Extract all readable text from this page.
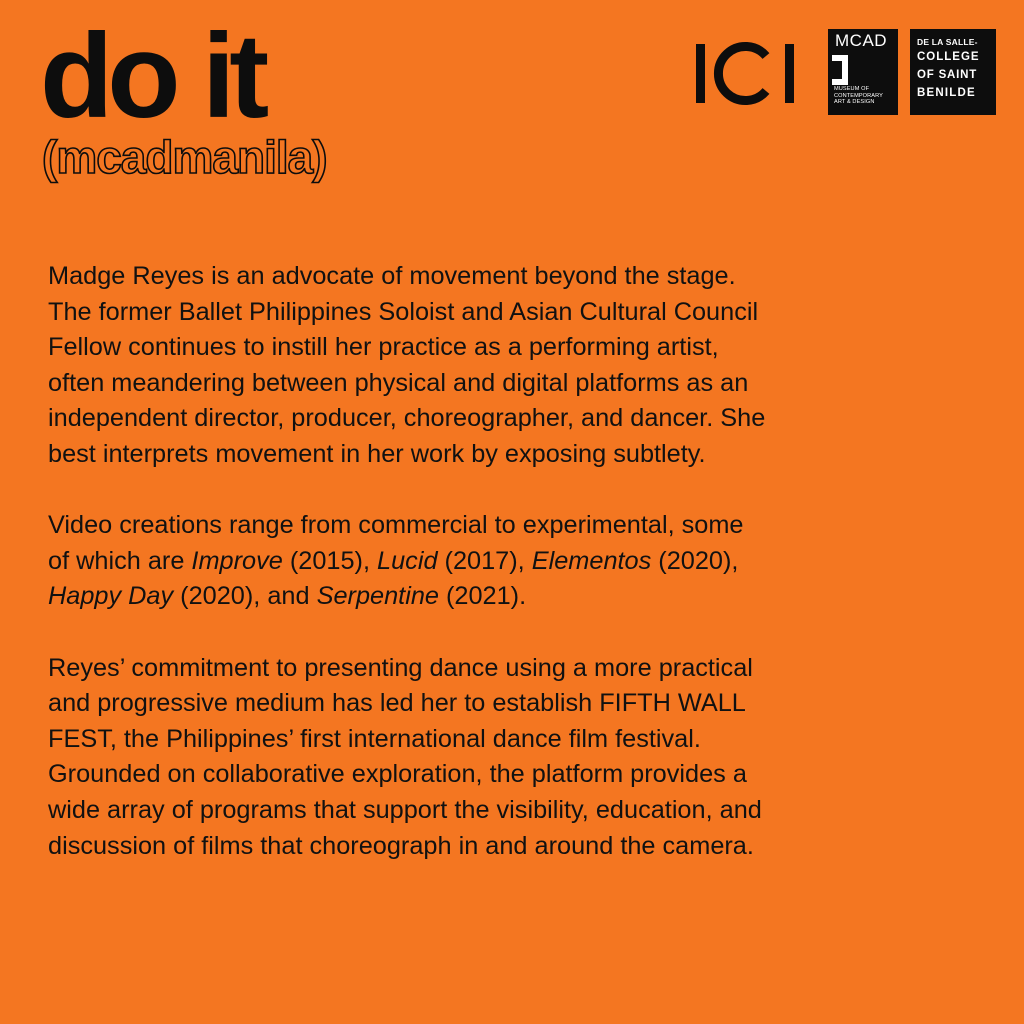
do it
(mcadmanila)
MCAD
MUSEUM OF
CONTEMPORARY
ART & DESIGN
DE LA SALLE-
COLLEGE
OF SAINT
BENILDE

Madge Reyes is an advocate of movement beyond the stage.
The former Ballet Philippines Soloist and Asian Cultural Council
Fellow continues to instill her practice as a performing artist,
often meandering between physical and digital platforms as an
independent director, producer, choreographer, and dancer. She
best interprets movement in her work by exposing subtlety.

Video creations range from commercial to experimental, some
of which are Improve (2015), Lucid (2017), Elementos (2020),
Happy Day (2020), and Serpentine (2021).

Reyes’ commitment to presenting dance using a more practical
and progressive medium has led her to establish FIFTH WALL
FEST, the Philippines’ first international dance film festival.
Grounded on collaborative exploration, the platform provides a
wide array of programs that support the visibility, education, and
discussion of films that choreograph in and around the camera.
